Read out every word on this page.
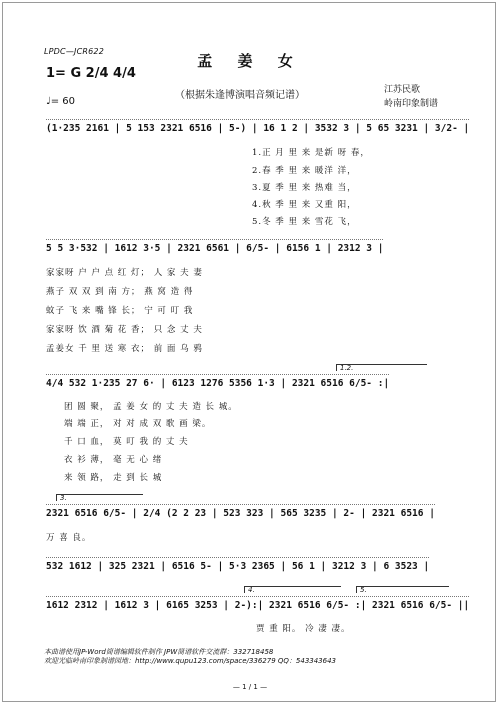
LPDC—JCR622
孟 姜 女
1= G 2/4 4/4
♩= 60
（根据朱逢博演唱音频记谱）	江苏民歌
岭南印象制谱
(1·235 2161 | 5 153 2321 6516 | 5‑) | 16 1 2 | 3532 3 | 5 65 3231 | 3/2‑ |
1.正 月 里 来 是新 呀 春，
2.春 季 里 来 暖洋 洋，
3.夏 季 里 来 热难 当，
4.秋 季 里 来 又重 阳，
5.冬 季 里 来 雪花 飞，
5 5 3·532 | 1612 3·5 | 2321 6561 | 6/5‑ | 6156 1 | 2312 3 |
家家呀 户 户 点 红 灯； 人 家 夫 妻
燕子 双 双 到 南 方； 燕 窝 造 得
蚊子 飞 来 嘴 锋 长； 宁 可 叮 我
家家呀 饮 酒 菊 花 香； 只 念 丈 夫
孟姜女 千 里 送 寒 衣； 前 面 乌 鸦
1.2.
4/4 532 1·235 27 6· | 6123 1276 5356 1·3 | 2321 6516 6/5‑ :|
团 圆 聚， 孟 姜 女 的 丈 夫 造 长 城。
端 端 正， 对 对 成 双 歌 画 梁。
千 口 血， 莫 叮 我 的 丈 夫
衣 衫 薄， 毫 无 心 绪
来 领 路， 走 到 长 城
3.
2321 6516 6/5‑ | 2/4 (2 2 23 | 523 323 | 565 3235 | 2‑ | 2321 6516 |
万 喜 良。
532 1612 | 325 2321 | 6516 5‑ | 5·3 2365 | 56 1 | 3212 3 | 6 3523 |
4.	5.
1612 2312 | 1612 3 | 6165 3253 | 2‑):| 2321 6516 6/5‑ :| 2321 6516 6/5‑ ||
贾 重 阳。 冷 凄 凄。
本曲谱使用JP-Word简谱编辑软件制作 JPW简谱软件交流群：332718458
欢迎光临岭南印象制谱园地：http://www.qupu123.com/space/336279 QQ：543343643
— 1 / 1 —
